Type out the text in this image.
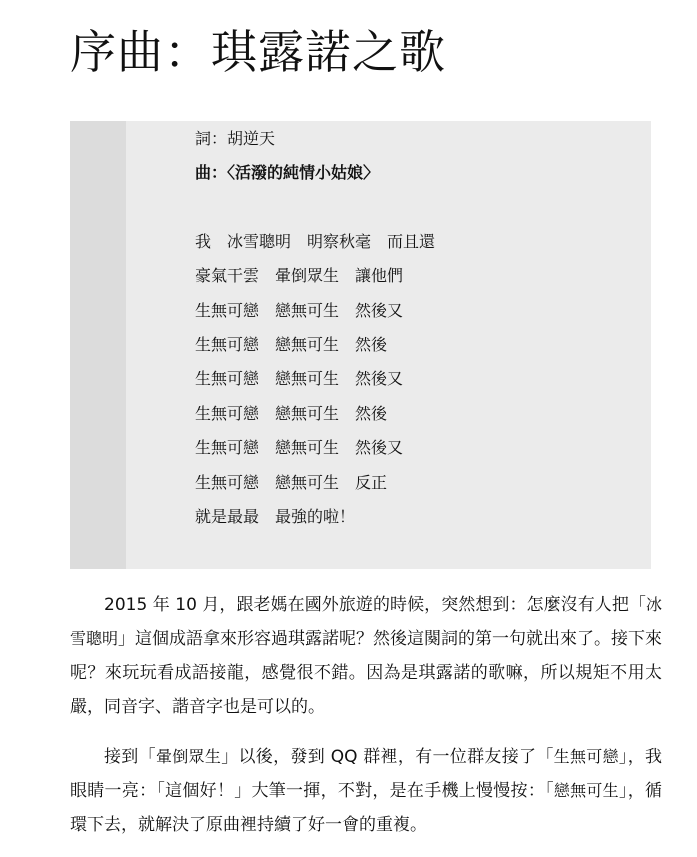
序曲：琪露諾之歌
詞：胡逆天
曲：〈活潑的純情小姑娘〉
我　冰雪聰明　明察秋毫　而且還
豪氣干雲　暈倒眾生　讓他們
生無可戀　戀無可生　然後又
生無可戀　戀無可生　然後
生無可戀　戀無可生　然後又
生無可戀　戀無可生　然後
生無可戀　戀無可生　然後又
生無可戀　戀無可生　反正
就是最最　最強的啦！

2015 年 10 月，跟老媽在國外旅遊的時候，突然想到：怎麼沒有人把「冰雪聰明」這個成語拿來形容過琪露諾呢？然後這闋詞的第一句就出來了。接下來呢？來玩玩看成語接龍，感覺很不錯。因為是琪露諾的歌嘛，所以規矩不用太嚴，同音字、諧音字也是可以的。

接到「暈倒眾生」以後，發到 QQ 群裡，有一位群友接了「生無可戀」，我眼睛一亮：「這個好！」大筆一揮，不對，是在手機上慢慢按：「戀無可生」，循環下去，就解決了原曲裡持續了好一會的重複。
